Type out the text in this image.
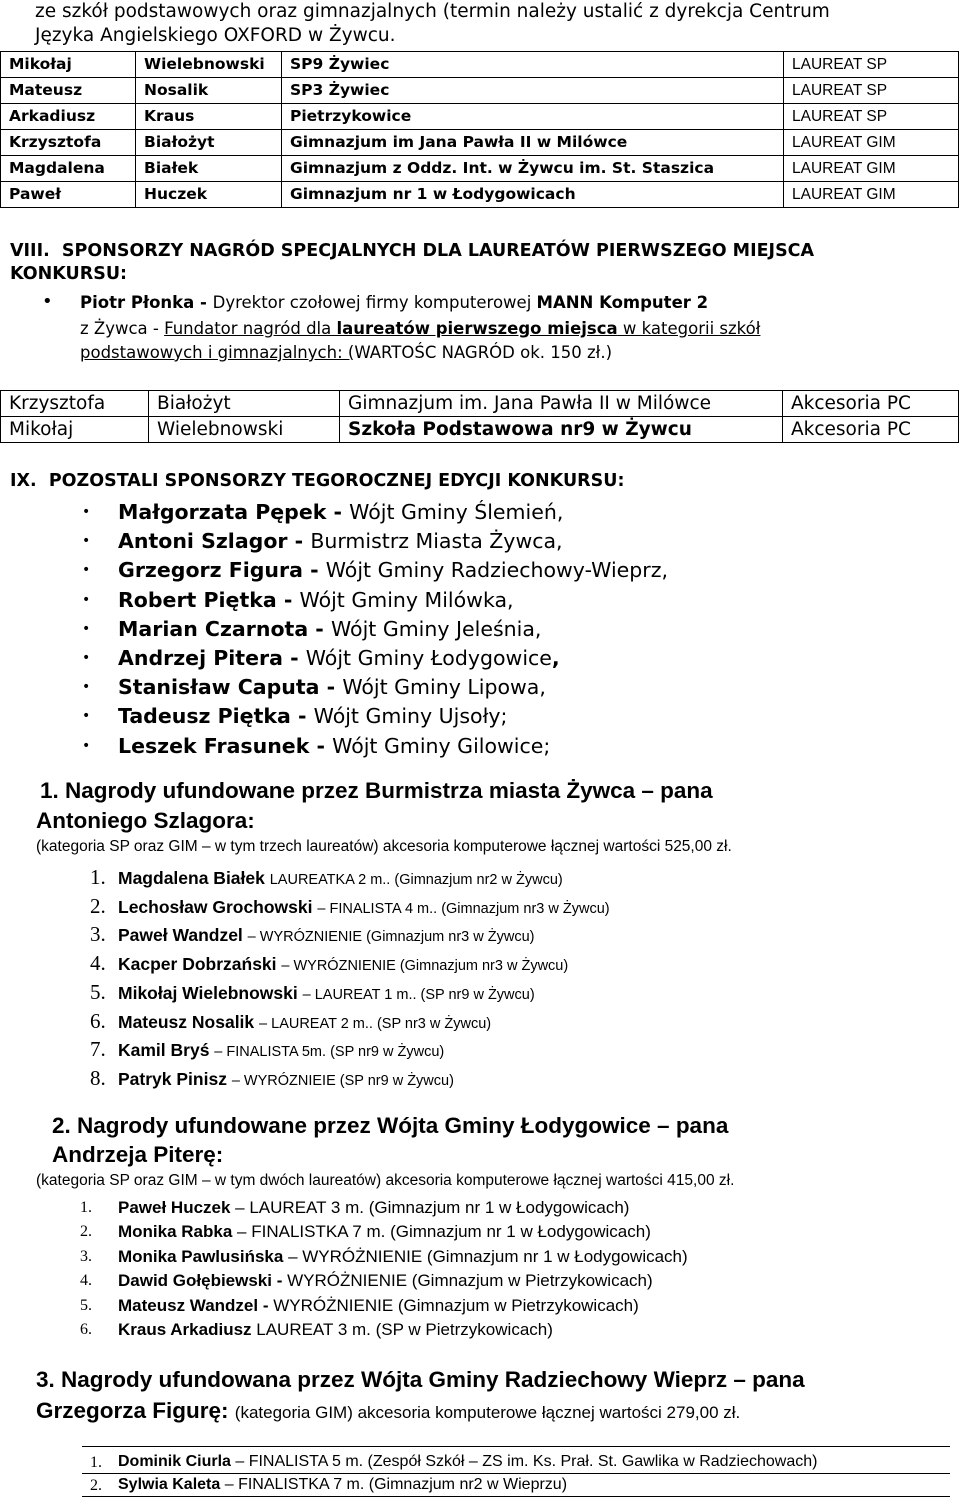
ze szkół podstawowych oraz gimnazjalnych (termin należy ustalić z dyrekcja Centrum
Języka Angielskiego OXFORD w Żywcu.
Mikołaj	Wielebnowski	SP9 Żywiec	LAUREAT SP
Mateusz	Nosalik	SP3 Żywiec	LAUREAT SP
Arkadiusz	Kraus	Pietrzykowice	LAUREAT SP
Krzysztofa	Białożyt	Gimnazjum im Jana Pawła II w Milówce	LAUREAT GIM
Magdalena	Białek	Gimnazjum z Oddz. Int. w Żywcu im. St. Staszica	LAUREAT GIM
Paweł	Huczek	Gimnazjum nr 1 w Łodygowicach	LAUREAT GIM
VIII. SPONSORZY NAGRÓD SPECJALNYCH DLA LAUREATÓW PIERWSZEGO MIEJSCA
KONKURSU:
• Piotr Płonka - Dyrektor czołowej firmy komputerowej MANN Komputer 2
z Żywca - Fundator nagród dla laureatów pierwszego miejsca w kategorii szkół
podstawowych i gimnazjalnych: (WARTOŚC NAGRÓD ok. 150 zł.)
Krzysztofa	Białożyt	Gimnazjum im. Jana Pawła II w Milówce	Akcesoria PC
Mikołaj	Wielebnowski	Szkoła Podstawowa nr9 w Żywcu	Akcesoria PC
IX. POZOSTALI SPONSORZY TEGOROCZNEJ EDYCJI KONKURSU:
• Małgorzata Pępek - Wójt Gminy Ślemień,
• Antoni Szlagor - Burmistrz Miasta Żywca,
• Grzegorz Figura - Wójt Gminy Radziechowy-Wieprz,
• Robert Piętka - Wójt Gminy Milówka,
• Marian Czarnota - Wójt Gminy Jeleśnia,
• Andrzej Pitera - Wójt Gminy Łodygowice,
• Stanisław Caputa - Wójt Gminy Lipowa,
• Tadeusz Piętka - Wójt Gminy Ujsoły;
• Leszek Frasunek - Wójt Gminy Gilowice;
1. Nagrody ufundowane przez Burmistrza miasta Żywca – pana
Antoniego Szlagora:
(kategoria SP oraz GIM – w tym trzech laureatów) akcesoria komputerowe łącznej wartości 525,00 zł.
1. Magdalena Białek LAUREATKA 2 m.. (Gimnazjum nr2 w Żywcu)
2. Lechosław Grochowski – FINALISTA 4 m.. (Gimnazjum nr3 w Żywcu)
3. Paweł Wandzel – WYRÓZNIENIE (Gimnazjum nr3 w Żywcu)
4. Kacper Dobrzański – WYRÓZNIENIE (Gimnazjum nr3 w Żywcu)
5. Mikołaj Wielebnowski – LAUREAT 1 m.. (SP nr9 w Żywcu)
6. Mateusz Nosalik – LAUREAT 2 m.. (SP nr3 w Żywcu)
7. Kamil Bryś – FINALISTA 5m. (SP nr9 w Żywcu)
8. Patryk Pinisz – WYRÓZNIEIE (SP nr9 w Żywcu)
2. Nagrody ufundowane przez Wójta Gminy Łodygowice – pana
Andrzeja Piterę:
(kategoria SP oraz GIM – w tym dwóch laureatów) akcesoria komputerowe łącznej wartości 415,00 zł.
1. Paweł Huczek – LAUREAT 3 m. (Gimnazjum nr 1 w Łodygowicach)
2. Monika Rabka – FINALISTKA 7 m. (Gimnazjum nr 1 w Łodygowicach)
3. Monika Pawlusińska – WYRÓŻNIENIE (Gimnazjum nr 1 w Łodygowicach)
4. Dawid Gołębiewski - WYRÓŻNIENIE (Gimnazjum w Pietrzykowicach)
5. Mateusz Wandzel - WYRÓŻNIENIE (Gimnazjum w Pietrzykowicach)
6. Kraus Arkadiusz LAUREAT 3 m. (SP w Pietrzykowicach)
3. Nagrody ufundowana przez Wójta Gminy Radziechowy Wieprz – pana
Grzegorza Figurę: (kategoria GIM) akcesoria komputerowe łącznej wartości 279,00 zł.
1. Dominik Ciurla – FINALISTA 5 m. (Zespół Szkół – ZS im. Ks. Prał. St. Gawlika w Radziechowach)
2. Sylwia Kaleta – FINALISTKA 7 m. (Gimnazjum nr2 w Wieprzu)
